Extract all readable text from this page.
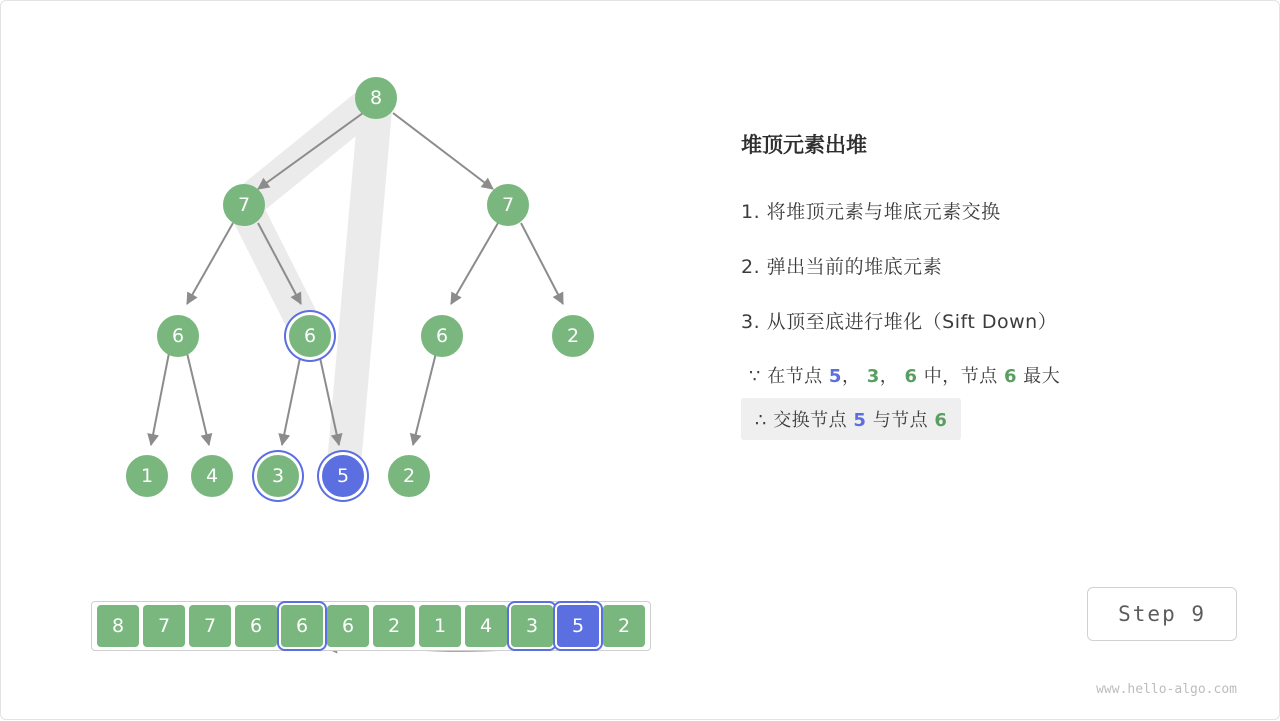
8
7	7
6	6	6	2
1	4	3	5	2
8	7	7	6	6	6	2	1	4	3	5	2
堆顶元素出堆
1. 将堆顶元素与堆底元素交换
2. 弹出当前的堆底元素
3. 从顶至底进行堆化（Sift Down）
∵ 在节点 5， 3， 6 中，节点 6 最大
∴ 交换节点 5 与节点 6
Step 9
www.hello-algo.com
